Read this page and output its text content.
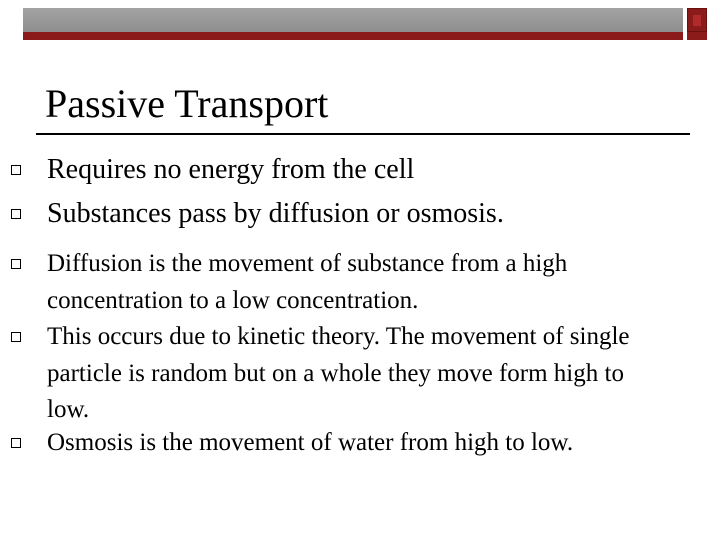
Passive Transport
Requires no energy from the cell
Substances pass by diffusion or osmosis.
Diffusion is the movement of substance from a high
concentration to a low concentration.
This occurs due to kinetic theory. The movement of single
particle is random but on a whole they move form high to
low.
Osmosis is the movement of water from high to low.
